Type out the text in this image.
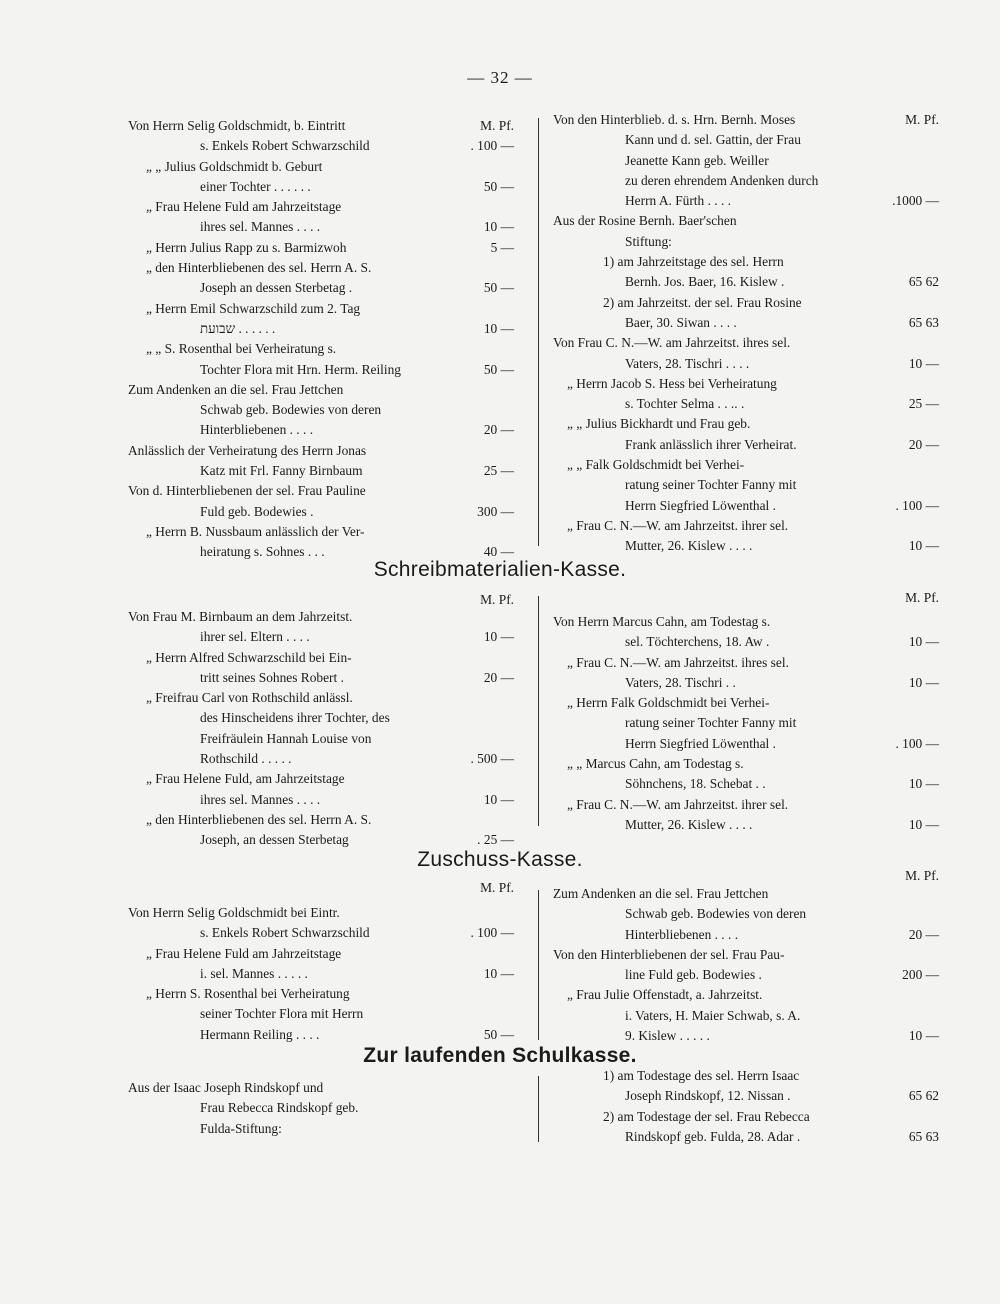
— 32 —
Von Herrn Selig Goldschmidt, b. Eintritt	M. Pf.
s. Enkels Robert Schwarzschild	. 100 —
„ „ Julius Goldschmidt b. Geburt
einer Tochter . . . . . .	50 —
„ Frau Helene Fuld am Jahrzeitstage
ihres sel. Mannes . . . .	10 —
„ Herrn Julius Rapp zu s. Barmizwoh	5 —
„ den Hinterbliebenen des sel. Herrn A. S.
Joseph an dessen Sterbetag .	50 —
„ Herrn Emil Schwarzschild zum 2. Tag
שבועת . . . . . .	10 —
„ „ S. Rosenthal bei Verheiratung s.
Tochter Flora mit Hrn. Herm. Reiling	50 —
Zum Andenken an die sel. Frau Jettchen
Schwab geb. Bodewies von deren
Hinterbliebenen . . . .	20 —
Anlässlich der Verheiratung des Herrn Jonas
Katz mit Frl. Fanny Birnbaum	25 —
Von d. Hinterbliebenen der sel. Frau Pauline
Fuld geb. Bodewies .	300 —
„ Herrn B. Nussbaum anlässlich der Ver-
heiratung s. Sohnes . . .	40 —
Von den Hinterblieb. d. s. Hrn. Bernh. Moses	M. Pf.
Kann und d. sel. Gattin, der Frau
Jeanette Kann geb. Weiller
zu deren ehrendem Andenken durch
Herrn A. Fürth . . . .	.1000 —
Aus der Rosine Bernh. Baer'schen
Stiftung:
1) am Jahrzeitstage des sel. Herrn
Bernh. Jos. Baer, 16. Kislew .	65 62
2) am Jahrzeitst. der sel. Frau Rosine
Baer, 30. Siwan . . . .	65 63
Von Frau C. N.—W. am Jahrzeitst. ihres sel.
Vaters, 28. Tischri . . . .	10 —
„ Herrn Jacob S. Hess bei Verheiratung
s. Tochter Selma . . .. .	25 —
„ „ Julius Bickhardt und Frau geb.
Frank anlässlich ihrer Verheirat.	20 —
„ „ Falk Goldschmidt bei Verhei-
ratung seiner Tochter Fanny mit
Herrn Siegfried Löwenthal .	. 100 —
„ Frau C. N.—W. am Jahrzeitst. ihrer sel.
Mutter, 26. Kislew . . . .	10 —
Schreibmaterialien-Kasse.
M. Pf.	M. Pf.
Von Frau M. Birnbaum an dem Jahrzeitst.
ihrer sel. Eltern . . . .	10 —
„ Herrn Alfred Schwarzschild bei Ein-
tritt seines Sohnes Robert .	20 —
„ Freifrau Carl von Rothschild anlässl.
des Hinscheidens ihrer Tochter, des
Freifräulein Hannah Louise von
Rothschild . . . . .	. 500 —
„ Frau Helene Fuld, am Jahrzeitstage
ihres sel. Mannes . . . .	10 —
„ den Hinterbliebenen des sel. Herrn A. S.
Joseph, an dessen Sterbetag	. 25 —
Von Herrn Marcus Cahn, am Todestag s.
sel. Töchterchens, 18. Aw .	10 —
„ Frau C. N.—W. am Jahrzeitst. ihres sel.
Vaters, 28. Tischri . .	10 —
„ Herrn Falk Goldschmidt bei Verhei-
ratung seiner Tochter Fanny mit
Herrn Siegfried Löwenthal .	. 100 —
„ „ Marcus Cahn, am Todestag s.
Söhnchens, 18. Schebat . .	10 —
„ Frau C. N.—W. am Jahrzeitst. ihrer sel.
Mutter, 26. Kislew . . . .	10 —
Zuschuss-Kasse.
M. Pf.
M. Pf.
Von Herrn Selig Goldschmidt bei Eintr.
s. Enkels Robert Schwarzschild	. 100 —
„ Frau Helene Fuld am Jahrzeitstage
i. sel. Mannes . . . . .	10 —
„ Herrn S. Rosenthal bei Verheiratung
seiner Tochter Flora mit Herrn
Hermann Reiling . . . .	50 —
Zum Andenken an die sel. Frau Jettchen
Schwab geb. Bodewies von deren
Hinterbliebenen . . . .	20 —
Von den Hinterbliebenen der sel. Frau Pau-
line Fuld geb. Bodewies .	200 —
„ Frau Julie Offenstadt, a. Jahrzeitst.
i. Vaters, H. Maier Schwab, s. A.
9. Kislew . . . . .	10 —
Zur laufenden Schulkasse.
Aus der Isaac Joseph Rindskopf und
Frau Rebecca Rindskopf geb.
Fulda-Stiftung:
1) am Todestage des sel. Herrn Isaac
Joseph Rindskopf, 12. Nissan .	65 62
2) am Todestage der sel. Frau Rebecca
Rindskopf geb. Fulda, 28. Adar .	65 63
